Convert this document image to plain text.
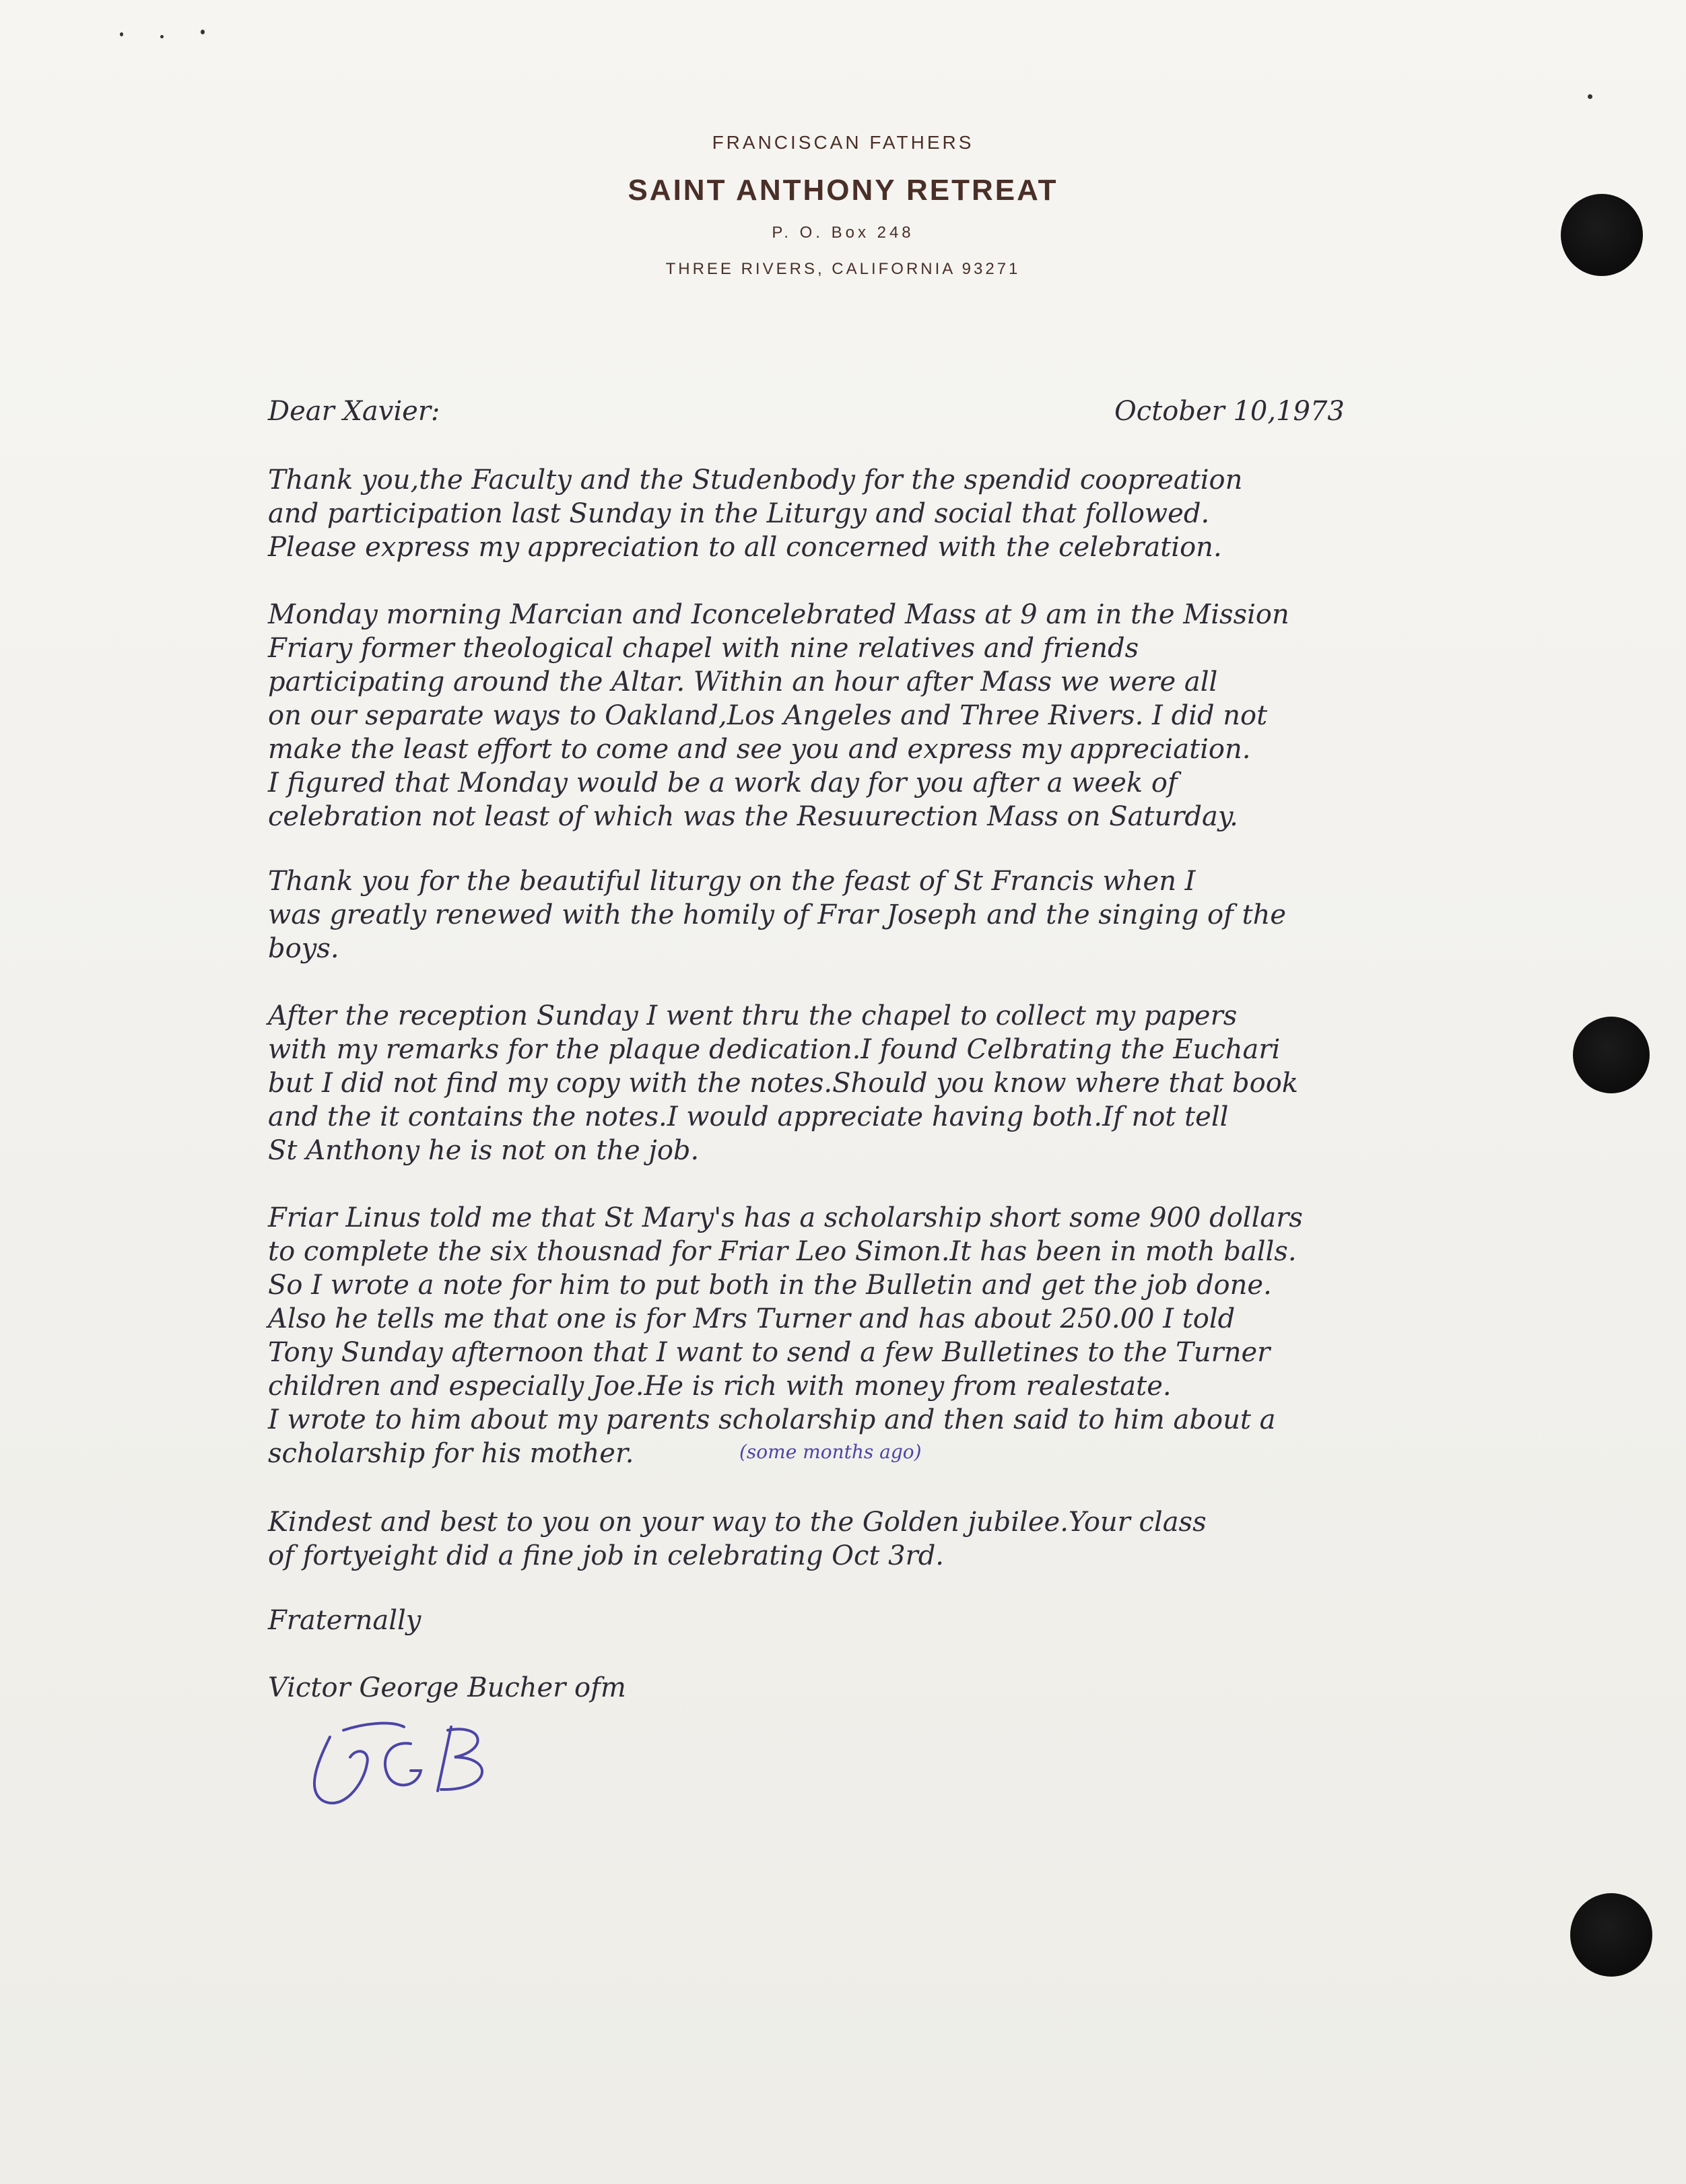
FRANCISCAN FATHERS
SAINT ANTHONY RETREAT
P. O. Box 248
THREE RIVERS, CALIFORNIA 93271
Dear Xavier:	October 10,1973
Thank you,the Faculty and the Studenbody for the spendid coopreation
and participation last Sunday in the Liturgy and social that followed.
Please express my appreciation to all concerned with the celebration.
Monday morning Marcian and Iconcelebrated Mass at 9 am in the Mission
Friary former theological chapel with nine relatives and friends
participating around the Altar. Within an hour after Mass we were all
on our separate ways to Oakland,Los Angeles and Three Rivers. I did not
make the least effort to come and see you and express my appreciation.
I figured that Monday would be a work day for you after a week of
celebration not least of which was the Resuurection Mass on Saturday.
Thank you for the beautiful liturgy on the feast of St Francis when I
was greatly renewed with the homily of Frar Joseph and the singing of the
boys.
After the reception Sunday I went thru the chapel to collect my papers
with my remarks for the plaque dedication.I found Celbrating the Euchari
but I did not find my copy with the notes.Should you know where that book
and the it contains the notes.I would appreciate having both.If not tell
St Anthony he is not on the job.
Friar Linus told me that St Mary's has a scholarship short some 900 dollars
to complete the six thousnad for Friar Leo Simon.It has been in moth balls.
So I wrote a note for him to put both in the Bulletin and get the job done.
Also he tells me that one is for Mrs Turner and has about 250.00 I told
Tony Sunday afternoon that I want to send a few Bulletines to the Turner
children and especially Joe.He is rich with money from realestate.
I wrote to him about my parents scholarship and then said to him about a
scholarship for his mother.	(some months ago)
Kindest and best to you on your way to the Golden jubilee.Your class
of fortyeight did a fine job in celebrating Oct 3rd.
Fraternally
Victor George Bucher ofm
